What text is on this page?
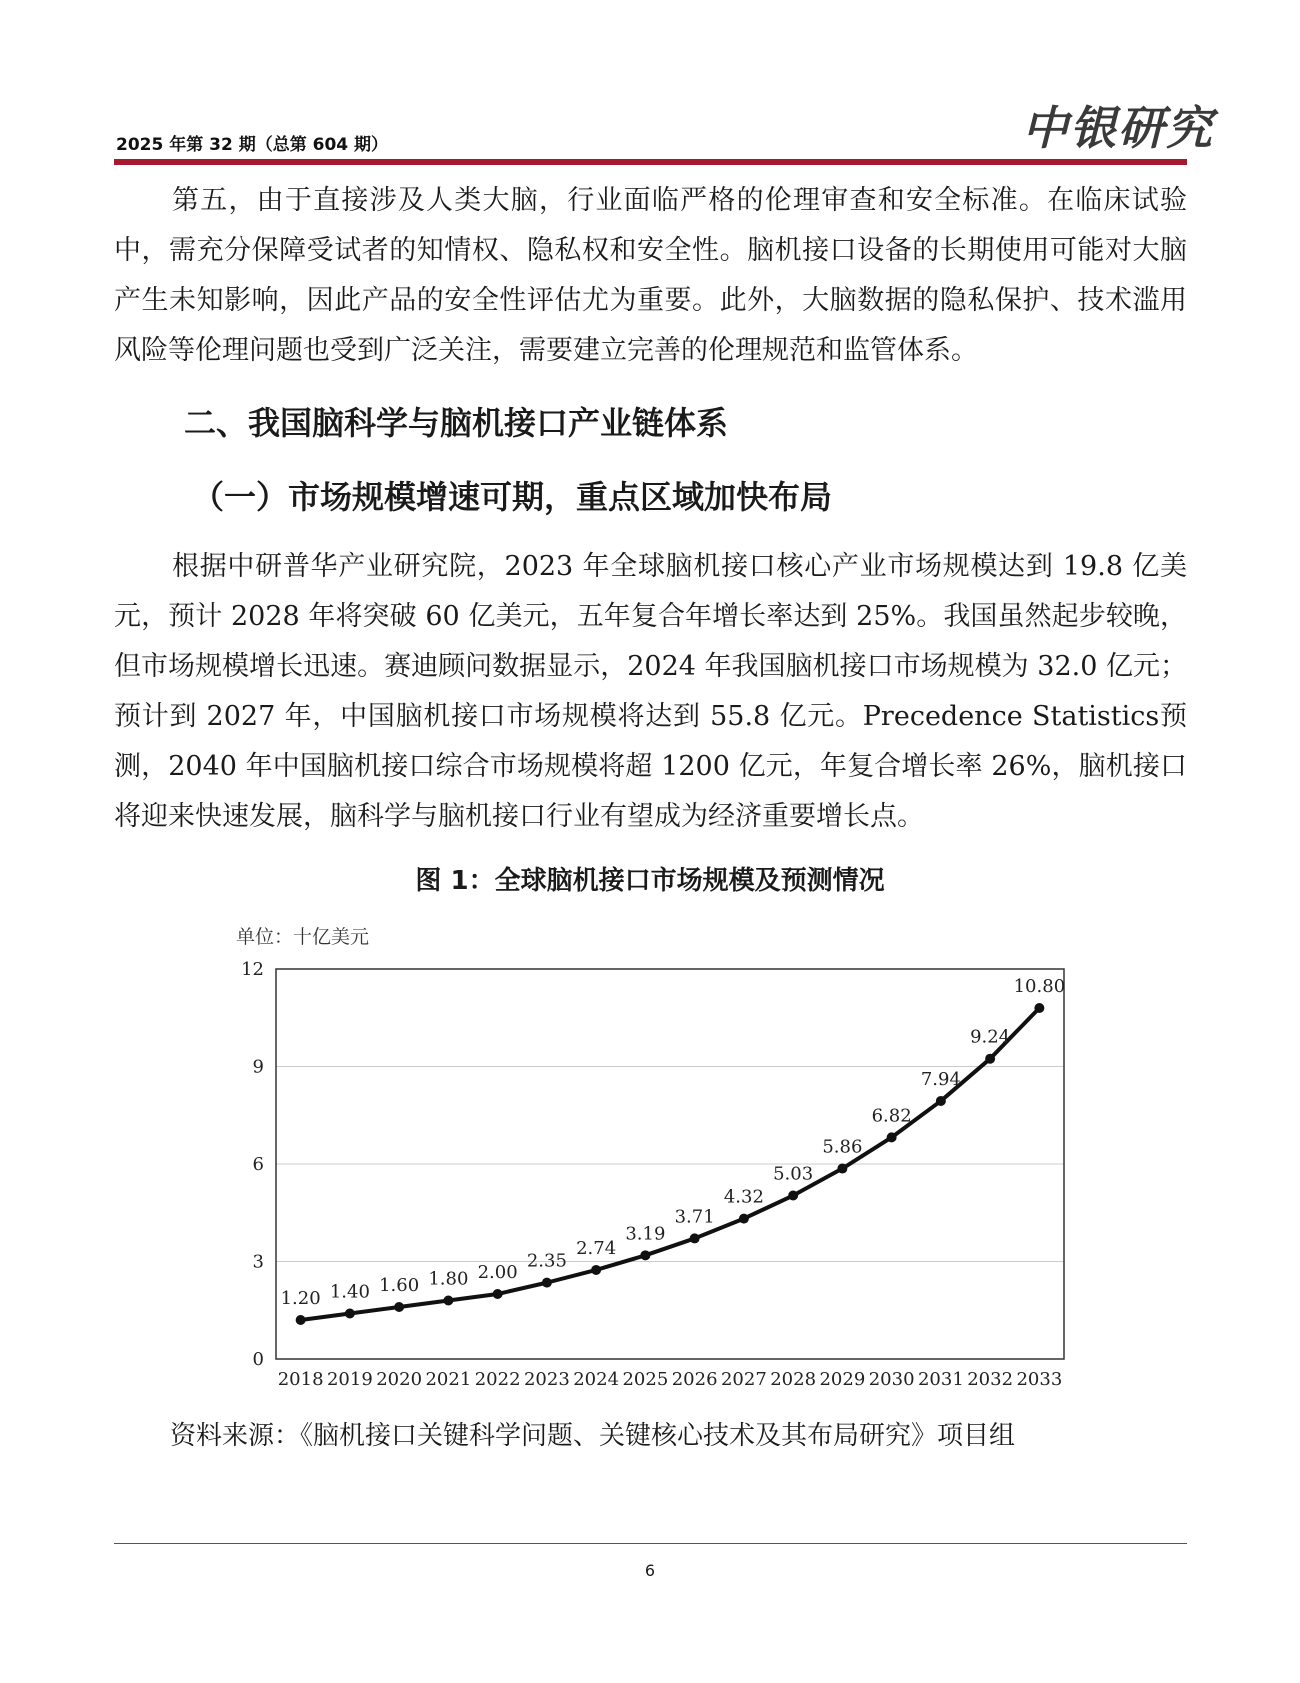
2025 年第 32 期（总第 604 期）	中银研究

第五，由于直接涉及人类大脑，行业面临严格的伦理审查和安全标准。在临床试验中，需充分保障受试者的知情权、隐私权和安全性。脑机接口设备的长期使用可能对大脑产生未知影响，因此产品的安全性评估尤为重要。此外，大脑数据的隐私保护、技术滥用风险等伦理问题也受到广泛关注，需要建立完善的伦理规范和监管体系。

二、我国脑科学与脑机接口产业链体系
（一）市场规模增速可期，重点区域加快布局

根据中研普华产业研究院，2023 年全球脑机接口核心产业市场规模达到 19.8 亿美元，预计 2028 年将突破 60 亿美元，五年复合年增长率达到 25%。我国虽然起步较晚，但市场规模增长迅速。赛迪顾问数据显示，2024 年我国脑机接口市场规模为 32.0 亿元；预计到 2027 年，中国脑机接口市场规模将达到 55.8 亿元。Precedence Statistics预测，2040 年中国脑机接口综合市场规模将超 1200 亿元，年复合增长率 26%，脑机接口将迎来快速发展，脑科学与脑机接口行业有望成为经济重要增长点。

图 1：全球脑机接口市场规模及预测情况
单位：十亿美元
0
3
6
9
12
2018 2019 2020 2021 2022 2023 2024 2025 2026 2027 2028 2029 2030 2031 2032 2033
1.20 1.40 1.60 1.80 2.00
2.35
2.74
3.19
3.71
4.32
5.03
5.86
6.82
7.94
9.24
10.80
资料来源：《脑机接口关键科学问题、关键核心技术及其布局研究》项目组
6
